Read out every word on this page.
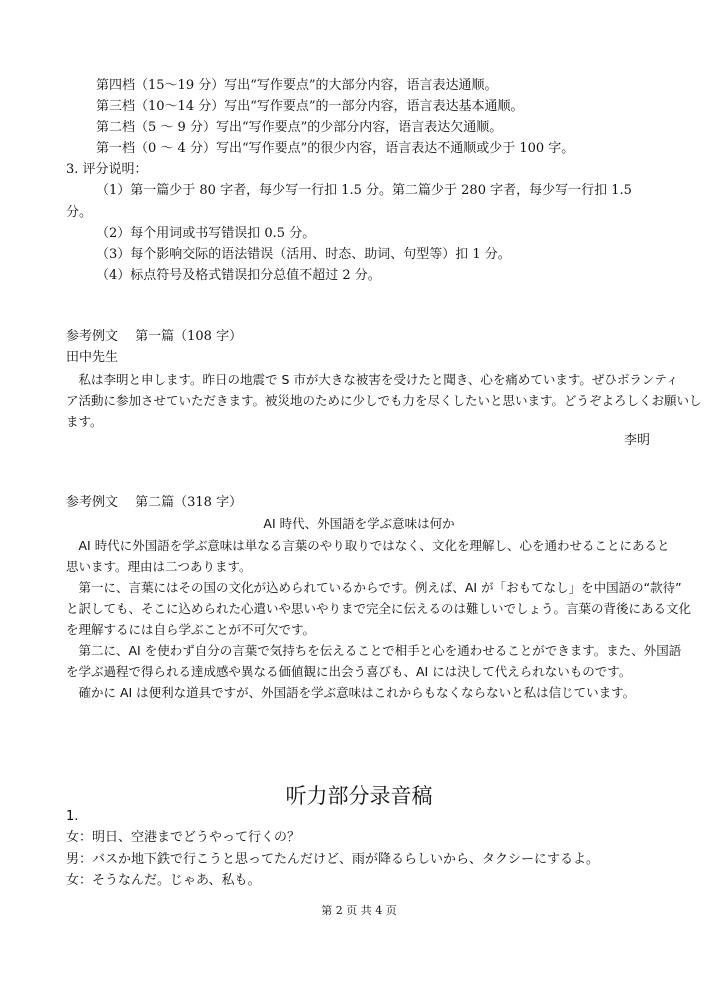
第四档（15～19 分）写出“写作要点”的大部分内容，语言表达通顺。
第三档（10～14 分）写出“写作要点”的一部分内容，语言表达基本通顺。
第二档（5 ～ 9 分）写出“写作要点”的少部分内容，语言表达欠通顺。
第一档（0 ～ 4 分）写出“写作要点”的很少内容，语言表达不通顺或少于 100 字。
3. 评分说明：
（1）第一篇少于 80 字者，每少写一行扣 1.5 分。第二篇少于 280 字者，每少写一行扣 1.5
分。
（2）每个用词或书写错误扣 0.5 分。
（3）每个影响交际的语法错误（活用、时态、助词、句型等）扣 1 分。
（4）标点符号及格式错误扣分总值不超过 2 分。
参考例文　 第一篇（108 字）
田中先生
　私は李明と申します。昨日の地震で S 市が大きな被害を受けたと聞き、心を痛めています。ぜひボランティ
ア活動に参加させていただきます。被災地のために少しでも力を尽くしたいと思います。どうぞよろしくお願いし
ます。
李明
参考例文　 第二篇（318 字）
AI 時代、外国語を学ぶ意味は何か
　AI 時代に外国語を学ぶ意味は単なる言葉のやり取りではなく、文化を理解し、心を通わせることにあると
思います。理由は二つあります。
　第一に、言葉にはその国の文化が込められているからです。例えば、AI が「おもてなし」を中国語の“款待”
と訳しても、そこに込められた心遣いや思いやりまで完全に伝えるのは難しいでしょう。言葉の背後にある文化
を理解するには自ら学ぶことが不可欠です。
　第二に、AI を使わず自分の言葉で気持ちを伝えることで相手と心を通わせることができます。また、外国語
を学ぶ過程で得られる達成感や異なる価値観に出会う喜びも、AI には決して代えられないものです。
　確かに AI は便利な道具ですが、外国語を学ぶ意味はこれからもなくならないと私は信じています。
听力部分录音稿
1.
女：明日、空港までどうやって行くの？
男：バスか地下鉄で行こうと思ってたんだけど、雨が降るらしいから、タクシーにするよ。
女：そうなんだ。じゃあ、私も。
第 2 页 共 4 页
